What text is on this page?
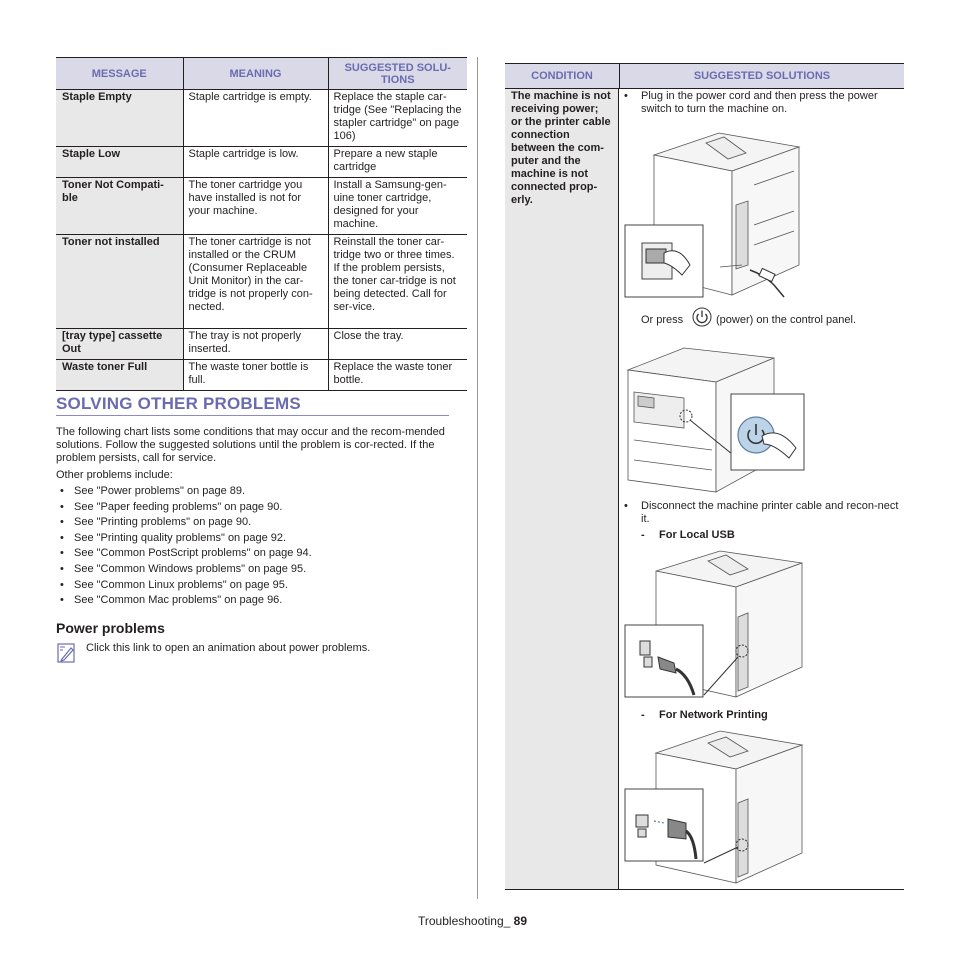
MESSAGE	MEANING	SUGGESTED SOLU-
TIONS
Staple Empty	Staple cartridge is empty.	Replace the staple car-tridge (See "Replacing the stapler cartridge" on page 106)
Staple Low	Staple cartridge is low.	Prepare a new staple cartridge
Toner Not Compati-ble	The toner cartridge you have installed is not for your machine.	Install a Samsung-gen-uine toner cartridge, designed for your machine.
Toner not installed	The toner cartridge is not installed or the CRUM (Consumer Replaceable Unit Monitor) in the car-tridge is not properly con-nected.	Reinstall the toner car-tridge two or three times. If the problem persists, the toner car-tridge is not being detected. Call for ser-vice.
[tray type] cassette Out	The tray is not properly inserted.	Close the tray.
Waste toner Full	The waste toner bottle is full.	Replace the waste toner bottle.
SOLVING OTHER PROBLEMS
The following chart lists some conditions that may occur and the recom-mended solutions. Follow the suggested solutions until the problem is cor-rected. If the problem persists, call for service.
Other problems include:
• See "Power problems" on page 89.
• See "Paper feeding problems" on page 90.
• See "Printing problems" on page 90.
• See "Printing quality problems" on page 92.
• See "Common PostScript problems" on page 94.
• See "Common Windows problems" on page 95.
• See "Common Linux problems" on page 95.
• See "Common Mac problems" on page 96.
Power problems
Click this link to open an animation about power problems.
CONDITION	SUGGESTED SOLUTIONS
The machine is not receiving power;
or the printer cable connection between the com-puter and the machine is not connected prop-erly.
• Plug in the power cord and then press the power switch to turn the machine on.
Or press	(power) on the control panel.
• Disconnect the machine printer cable and recon-nect it.
- For Local USB
- For Network Printing
Troubleshooting_ 89
